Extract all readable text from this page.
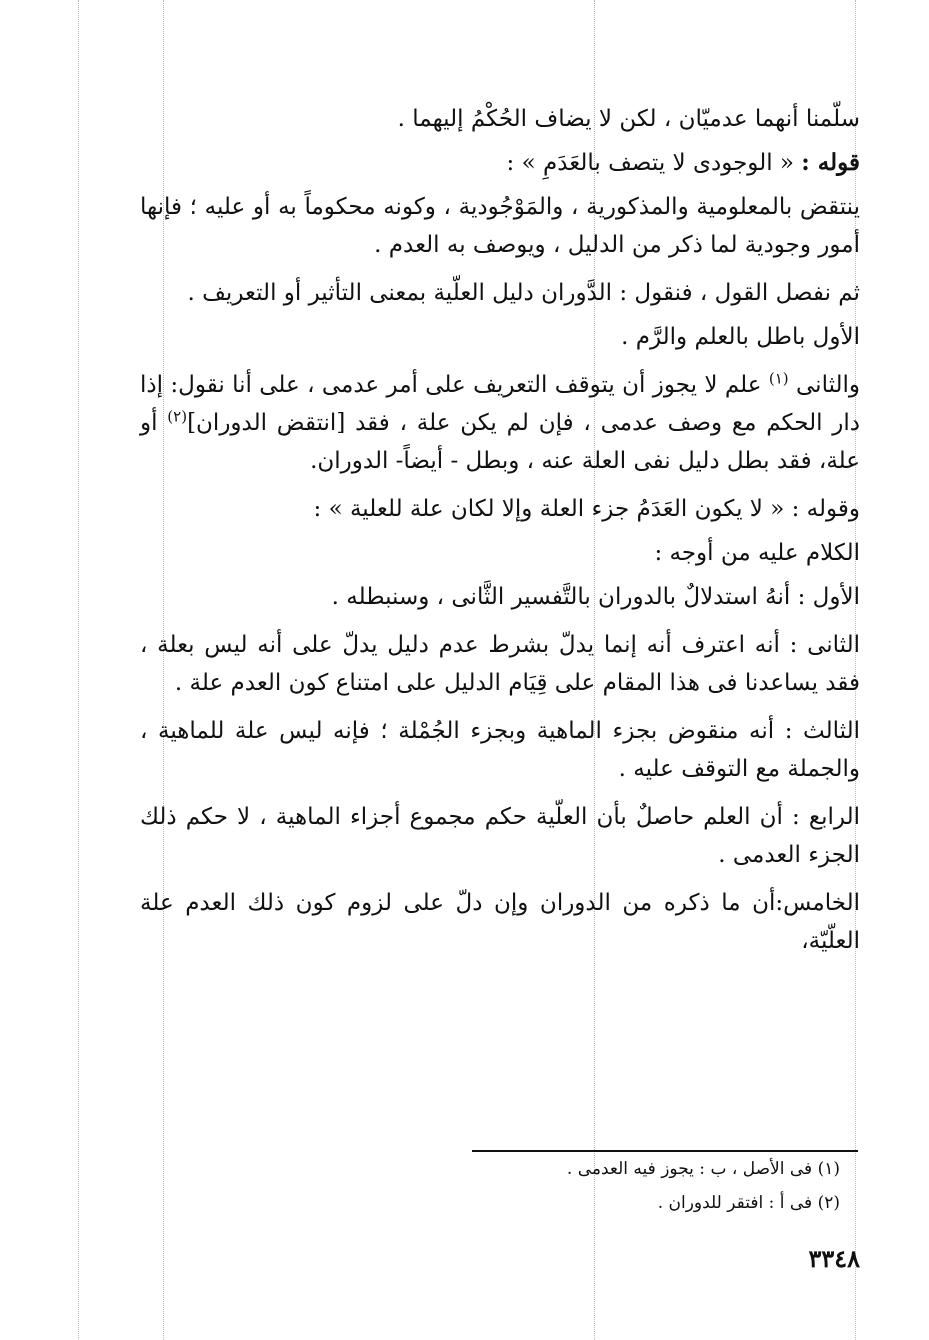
سلّمنا أنهما عدميّان ، لكن لا يضاف الحُكْمُ إليهما .

قوله : « الوجودى لا يتصف بالعَدَمِ » :

ينتقض بالمعلومية والمذكورية ، والمَوْجُودية ، وكونه محكوماً به أو عليه ؛ فإنها أمور وجودية لما ذكر من الدليل ، ويوصف به العدم .

ثم نفصل القول ، فنقول : الدَّوران دليل العلّية بمعنى التأثير أو التعريف .

الأول باطل بالعلم والرَّم .

والثانى $^{(١)}$ علم لا يجوز أن يتوقف التعريف على أمر عدمى ، على أنا نقول: إذا دار الحكم مع وصف عدمى ، فإن لم يكن علة ، فقد [انتقض الدوران]$^{(٢)}$ أو علة، فقد بطل دليل نفى العلة عنه ، وبطل - أيضاً- الدوران.

وقوله : « لا يكون العَدَمُ جزء العلة وإلا لكان علة للعلية » :

الكلام عليه من أوجه :

الأول : أنهُ استدلالٌ بالدوران بالتَّفسير الثَّانى ، وسنبطله .

الثانى : أنه اعترف أنه إنما يدلّ بشرط عدم دليل يدلّ على أنه ليس بعلة ، فقد يساعدنا فى هذا المقام على قِيَام الدليل على امتناع كون العدم علة .

الثالث : أنه منقوض بجزء الماهية وبجزء الجُمْلة ؛ فإنه ليس علة للماهية ، والجملة مع التوقف عليه .

الرابع : أن العلم حاصلٌ بأن العلّية حكم مجموع أجزاء الماهية ، لا حكم ذلك الجزء العدمى .

الخامس:أن ما ذكره من الدوران وإن دلّ على لزوم كون ذلك العدم علة العلّيّة،

(١) فى الأصل ، ب : يجوز فيه العدمى .
(٢) فى أ : افتقر للدوران .
٣٣٤٨
